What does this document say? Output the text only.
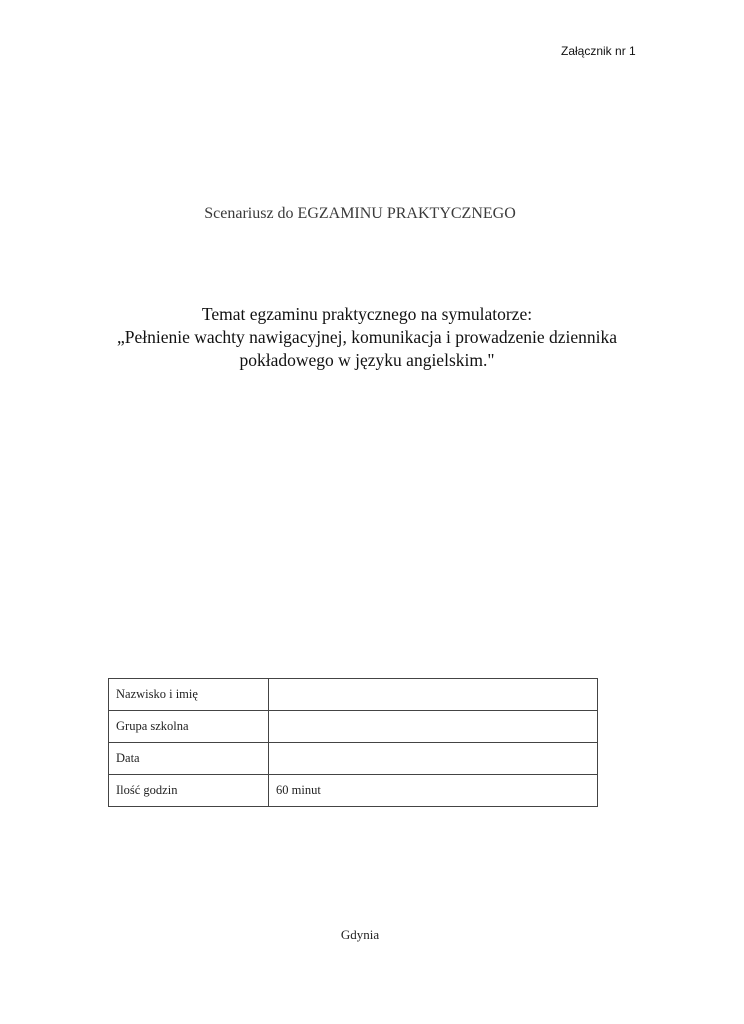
Załącznik nr 1
Scenariusz do EGZAMINU PRAKTYCZNEGO
Temat egzaminu praktycznego na symulatorze:
„Pełnienie wachty nawigacyjnej, komunikacja i prowadzenie dziennika
pokładowego w języku angielskim."
Nazwisko i imię	
Grupa szkolna	
Data	
Ilość godzin	60 minut
Gdynia
